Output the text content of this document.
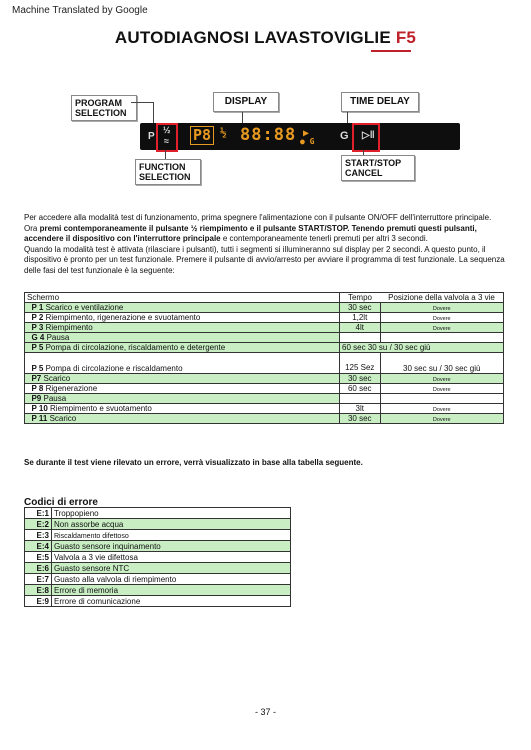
Machine Translated by Google
AUTODIAGNOSI LAVASTOVIGLIE F5
PROGRAM
SELECTION
DISPLAY	TIME DELAY
P
½
≈ P8 ½ 88:88 ▶
● G G ▷‖
FUNCTION
SELECTION
START/STOP
CANCEL
Per accedere alla modalità test di funzionamento, prima spegnere l'alimentazione con il pulsante ON/OFF dell'interruttore principale.
Ora premi contemporaneamente il pulsante ½ riempimento e il pulsante START/STOP. Tenendo premuti questi pulsanti,
accendere il dispositivo con l'interruttore principale e contemporaneamente tenerli premuti per altri 3 secondi.
Quando la modalità test è attivata (rilasciare i pulsanti), tutti i segmenti si illumineranno sul display per 2 secondi. A questo punto, il dispositivo è pronto per un test funzionale. Premere il pulsante di avvio/arresto per avviare il programma di test funzionale. La sequenza delle fasi del test funzionale è la seguente:
Schermo	Tempo	Posizione della valvola a 3 vie
P 1 Scarico e ventilazione	30 sec	Dovere
P 2 Riempimento, rigenerazione e svuotamento	1,2lt	Dovere
P 3 Riempimento	4lt	Dovere
G 4 Pausa		
P 5 Pompa di circolazione, riscaldamento e detergente	60 sec 30 su / 30 sec giù	
P 5 Pompa di circolazione e riscaldamento	125 Sez	30 sec su / 30 sec giù
P7 Scarico	30 sec	Dovere
P 8 Rigenerazione	60 sec	Dovere
P9 Pausa		
P 10 Riempimento e svuotamento	3lt	Dovere
P 11 Scarico	30 sec	Dovere
Se durante il test viene rilevato un errore, verrà visualizzato in base alla tabella seguente.
Codici di errore
E:1	Troppopieno
E:2	Non assorbe acqua
E:3	Riscaldamento difettoso
E:4	Guasto sensore inquinamento
E:5	Valvola a 3 vie difettosa
E:6	Guasto sensore NTC
E:7	Guasto alla valvola di riempimento
E:8	Errore di memoria
E:9	Errore di comunicazione
- 37 -
